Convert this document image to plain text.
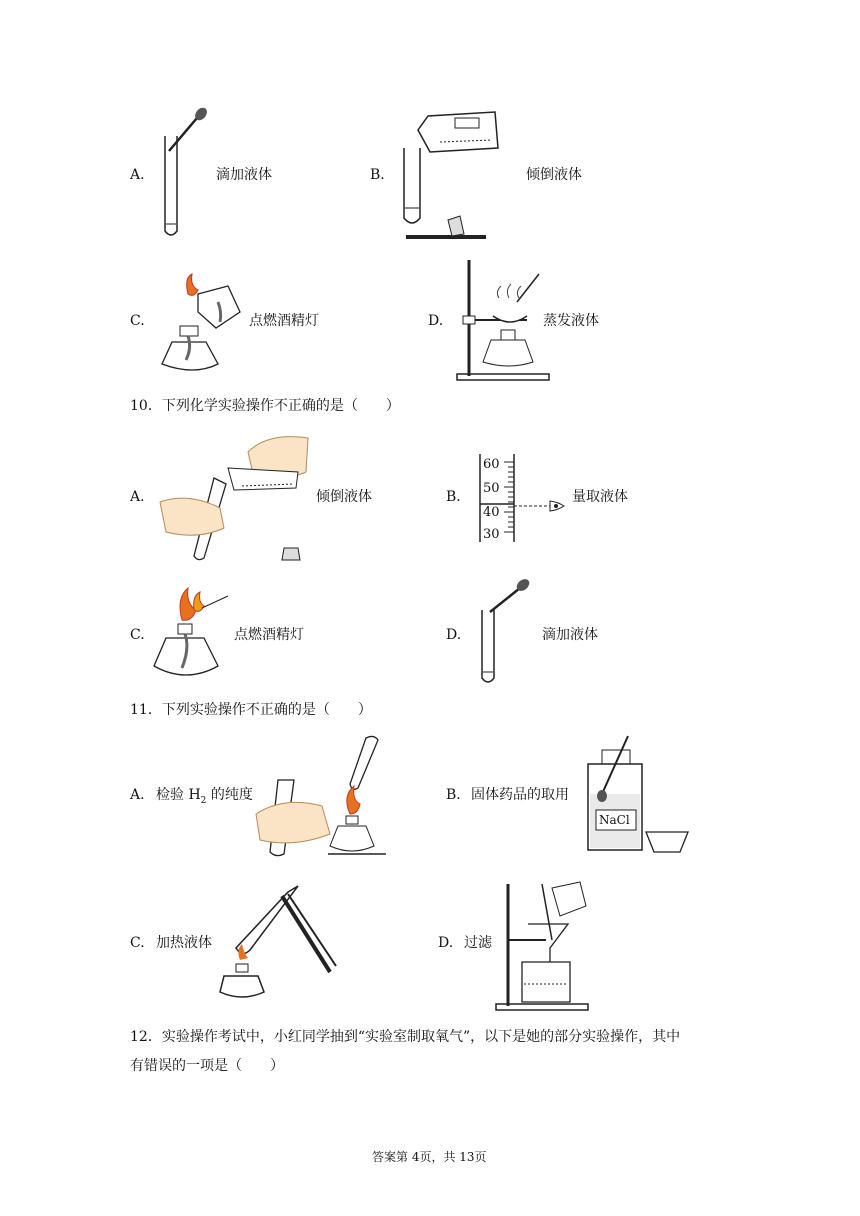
A.	滴加液体	B.	倾倒液体
C.	点燃酒精灯	D.	蒸发液体
10．下列化学实验操作不正确的是（　　）
A.	倾倒液体	B.
60
50
40
30
量取液体
C.	点燃酒精灯	D.	滴加液体
11．下列实验操作不正确的是（　　）
A. 检验 $H_2$ 的纯度	B. 固体药品的取用
NaCl
C. 加热液体	D. 过滤
12．实验操作考试中，小红同学抽到“实验室制取氧气”，以下是她的部分实验操作，其中
有错误的一项是（　　）
答案第 4页，共 13页
